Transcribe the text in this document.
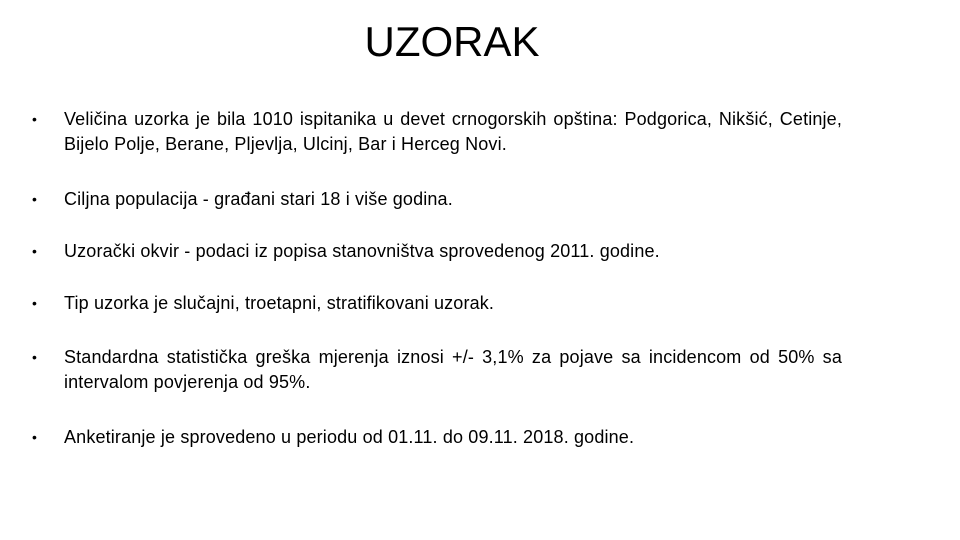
UZORAK
• Veličina uzorka je bila 1010 ispitanika u devet crnogorskih opština: Podgorica, Nikšić, Cetinje, Bijelo Polje, Berane, Pljevlja, Ulcinj, Bar i Herceg Novi.
• Ciljna populacija - građani stari 18 i više godina.
• Uzorački okvir - podaci iz popisa stanovništva sprovedenog 2011. godine.
• Tip uzorka je slučajni, troetapni, stratifikovani uzorak.
• Standardna statistička greška mjerenja iznosi +/- 3,1% za pojave sa incidencom od 50% sa intervalom povjerenja od 95%.
• Anketiranje je sprovedeno u periodu od 01.11. do 09.11. 2018. godine.
